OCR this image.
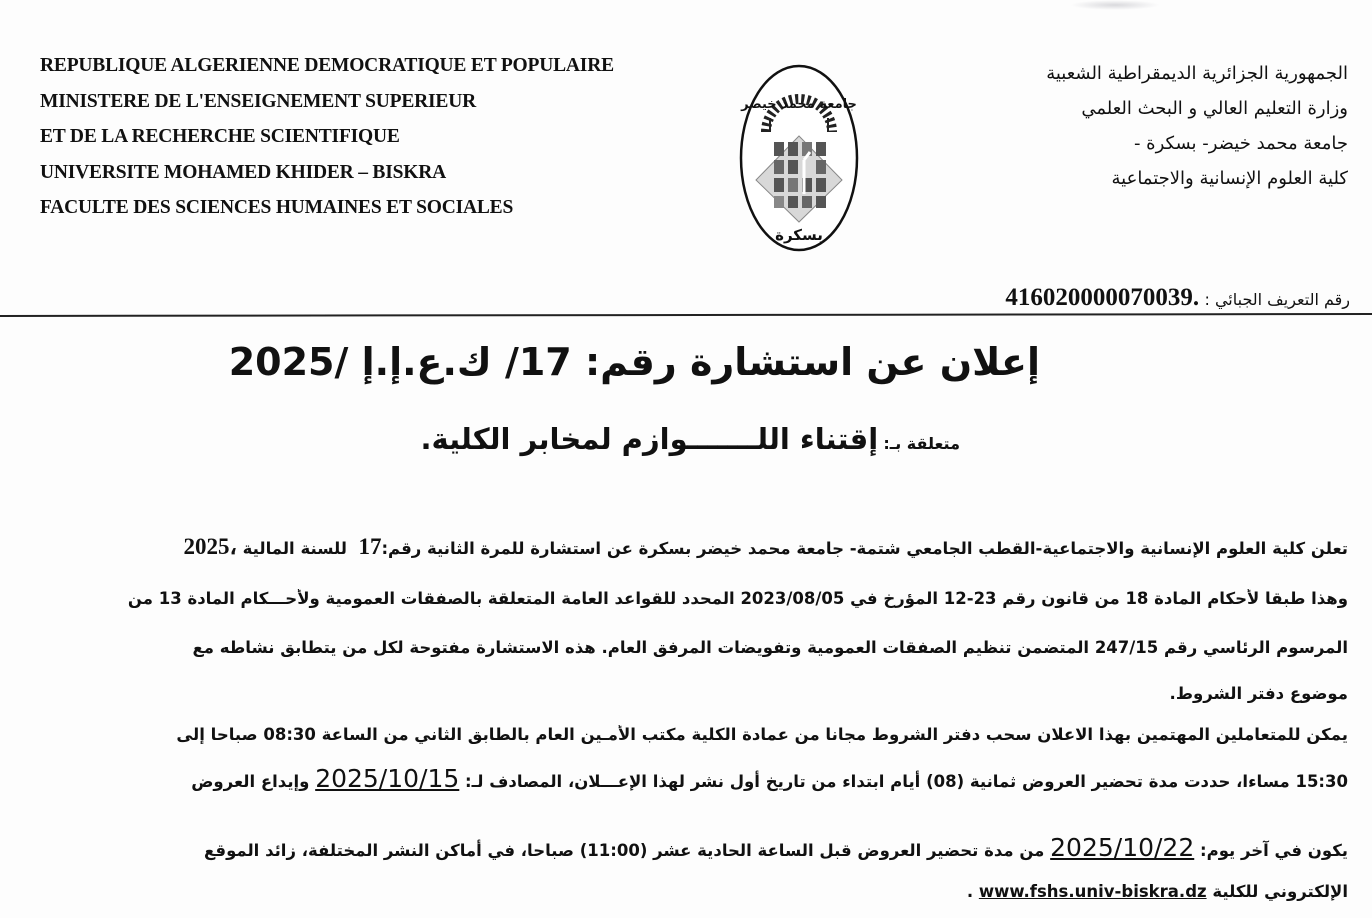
REPUBLIQUE ALGERIENNE DEMOCRATIQUE ET POPULAIRE
MINISTERE DE L'ENSEIGNEMENT SUPERIEUR
ET DE LA RECHERCHE SCIENTIFIQUE
UNIVERSITE MOHAMED KHIDER – BISKRA
FACULTE DES SCIENCES HUMAINES ET SOCIALES
جامعة محمد خيضر
بسكرة
الجمهورية الجزائرية الديمقراطية الشعبية
وزارة التعليم العالي و البحث العلمي
جامعة محمد خيضر- بسكرة -
كلية العلوم الإنسانية والاجتماعية
رقم التعريف الجبائي : 416020000070039.
إعلان عن استشارة رقم: 17/ ك.ع.إ.إ /2025
متعلقة بـ: إقتناء اللـــــــوازم لمخابر الكلية.
تعلن كلية العلوم الإنسانية والاجتماعية-القطب الجامعي شتمة- جامعة محمد خيضر بسكرة عن استشارة للمرة الثانية رقم:17  للسنة المالية 2025،
وهذا طبقا لأحكام المادة 18 من قانون رقم 23-12 المؤرخ في 2023/08/05 المحدد للقواعد العامة المتعلقة بالصفقات العمومية ولأحـــكام المادة 13 من
المرسوم الرئاسي رقم 247/15 المتضمن تنظيم الصفقات العمومية وتفويضات المرفق العام. هذه الاستشارة مفتوحة لكل من يتطابق نشاطه مع
موضوع دفتر الشروط.
يمكن للمتعاملين المهتمين بهذا الاعلان سحب دفتر الشروط مجانا من عمادة الكلية مكتب الأمـين العام بالطابق الثاني من الساعة 08:30 صباحا إلى
15:30 مساءا، حددت مدة تحضير العروض ثمانية (08) أيام ابتداء من تاريخ أول نشر لهذا الإعـــلان، المصادف لـ: 2025/10/15 وإيداع العروض
يكون في آخر يوم: 2025/10/22 من مدة تحضير العروض قبل الساعة الحادية عشر (11:00) صباحا، في أماكن النشر المختلفة، زائد الموقع
الإلكتروني للكلية www.fshs.univ-biskra.dz .
